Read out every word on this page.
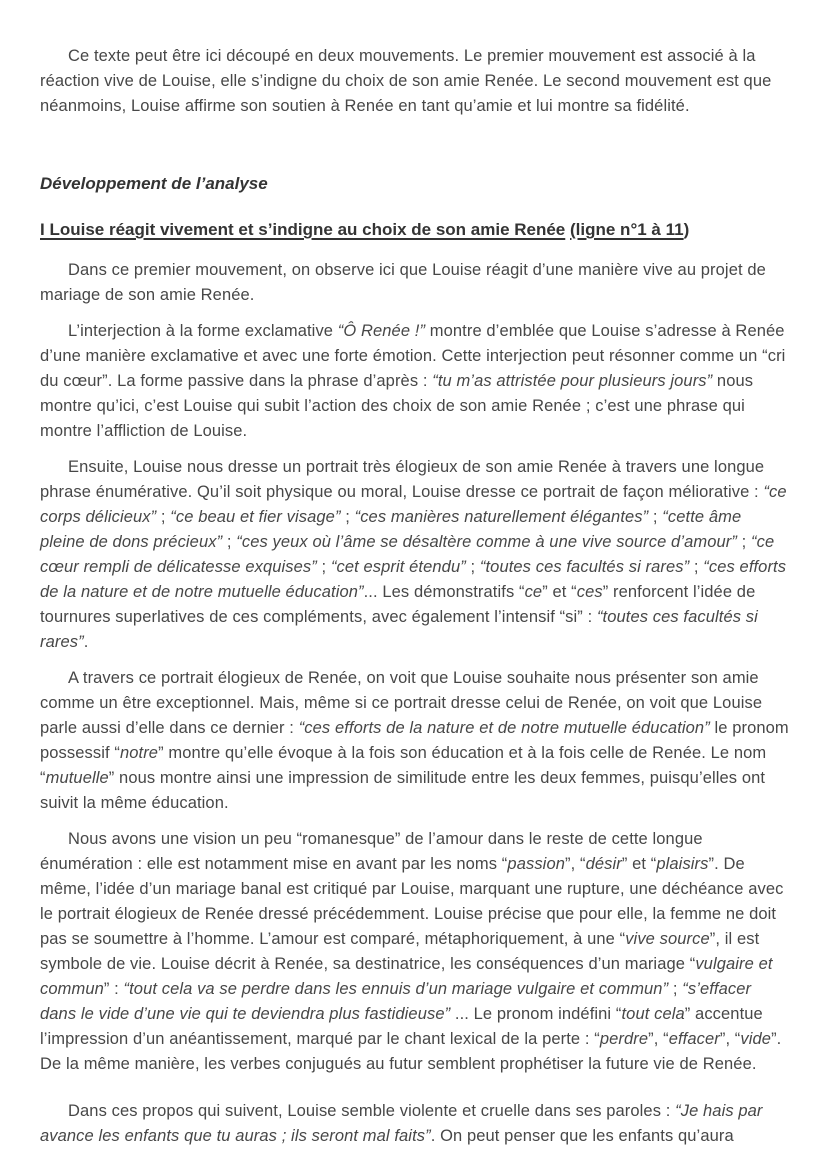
Ce texte peut être ici découpé en deux mouvements. Le premier mouvement est associé à la réaction vive de Louise, elle s’indigne du choix de son amie Renée. Le second mouvement est que néanmoins, Louise affirme son soutien à Renée en tant qu’amie et lui montre sa fidélité.

Développement de l’analyse
I Louise réagit vivement et s’indigne au choix de son amie Renée (ligne n°1 à 11)

Dans ce premier mouvement, on observe ici que Louise réagit d’une manière vive au projet de mariage de son amie Renée.

L’interjection à la forme exclamative “Ô Renée !” montre d’emblée que Louise s’adresse à Renée d’une manière exclamative et avec une forte émotion. Cette interjection peut résonner comme un “cri du cœur”. La forme passive dans la phrase d’après : “tu m’as attristée pour plusieurs jours” nous montre qu’ici, c’est Louise qui subit l’action des choix de son amie Renée ; c’est une phrase qui montre l’affliction de Louise.

Ensuite, Louise nous dresse un portrait très élogieux de son amie Renée à travers une longue phrase énumérative. Qu’il soit physique ou moral, Louise dresse ce portrait de façon méliorative : “ce corps délicieux” ; “ce beau et fier visage” ; “ces manières naturellement élégantes” ; “cette âme pleine de dons précieux” ; “ces yeux où l’âme se désaltère comme à une vive source d’amour” ; “ce cœur rempli de délicatesse exquises” ; “cet esprit étendu” ; “toutes ces facultés si rares” ; “ces efforts de la nature et de notre mutuelle éducation”... Les démonstratifs “ce” et “ces” renforcent l’idée de tournures superlatives de ces compléments, avec également l’intensif “si” : “toutes ces facultés si rares”.

A travers ce portrait élogieux de Renée, on voit que Louise souhaite nous présenter son amie comme un être exceptionnel. Mais, même si ce portrait dresse celui de Renée, on voit que Louise parle aussi d’elle dans ce dernier : “ces efforts de la nature et de notre mutuelle éducation” le pronom possessif “notre” montre qu’elle évoque à la fois son éducation et à la fois celle de Renée. Le nom “mutuelle” nous montre ainsi une impression de similitude entre les deux femmes, puisqu’elles ont suivit la même éducation.

Nous avons une vision un peu “romanesque” de l’amour dans le reste de cette longue énumération : elle est notamment mise en avant par les noms “passion”, “désir” et “plaisirs”. De même, l’idée d’un mariage banal est critiqué par Louise, marquant une rupture, une déchéance avec le portrait élogieux de Renée dressé précédemment. Louise précise que pour elle, la femme ne doit pas se soumettre à l’homme. L’amour est comparé, métaphoriquement, à une “vive source”, il est symbole de vie. Louise décrit à Renée, sa destinatrice, les conséquences d’un mariage “vulgaire et commun” : “tout cela va se perdre dans les ennuis d’un mariage vulgaire et commun” ; “s’effacer dans le vide d’une vie qui te deviendra plus fastidieuse” ... Le pronom indéfini “tout cela” accentue l’impression d’un anéantissement, marqué par le chant lexical de la perte : “perdre”, “effacer”, “vide”. De la même manière, les verbes conjugués au futur semblent prophétiser la future vie de Renée.

Dans ces propos qui suivent, Louise semble violente et cruelle dans ses paroles : “Je hais par avance les enfants que tu auras ; ils seront mal faits”. On peut penser que les enfants qu’aura
